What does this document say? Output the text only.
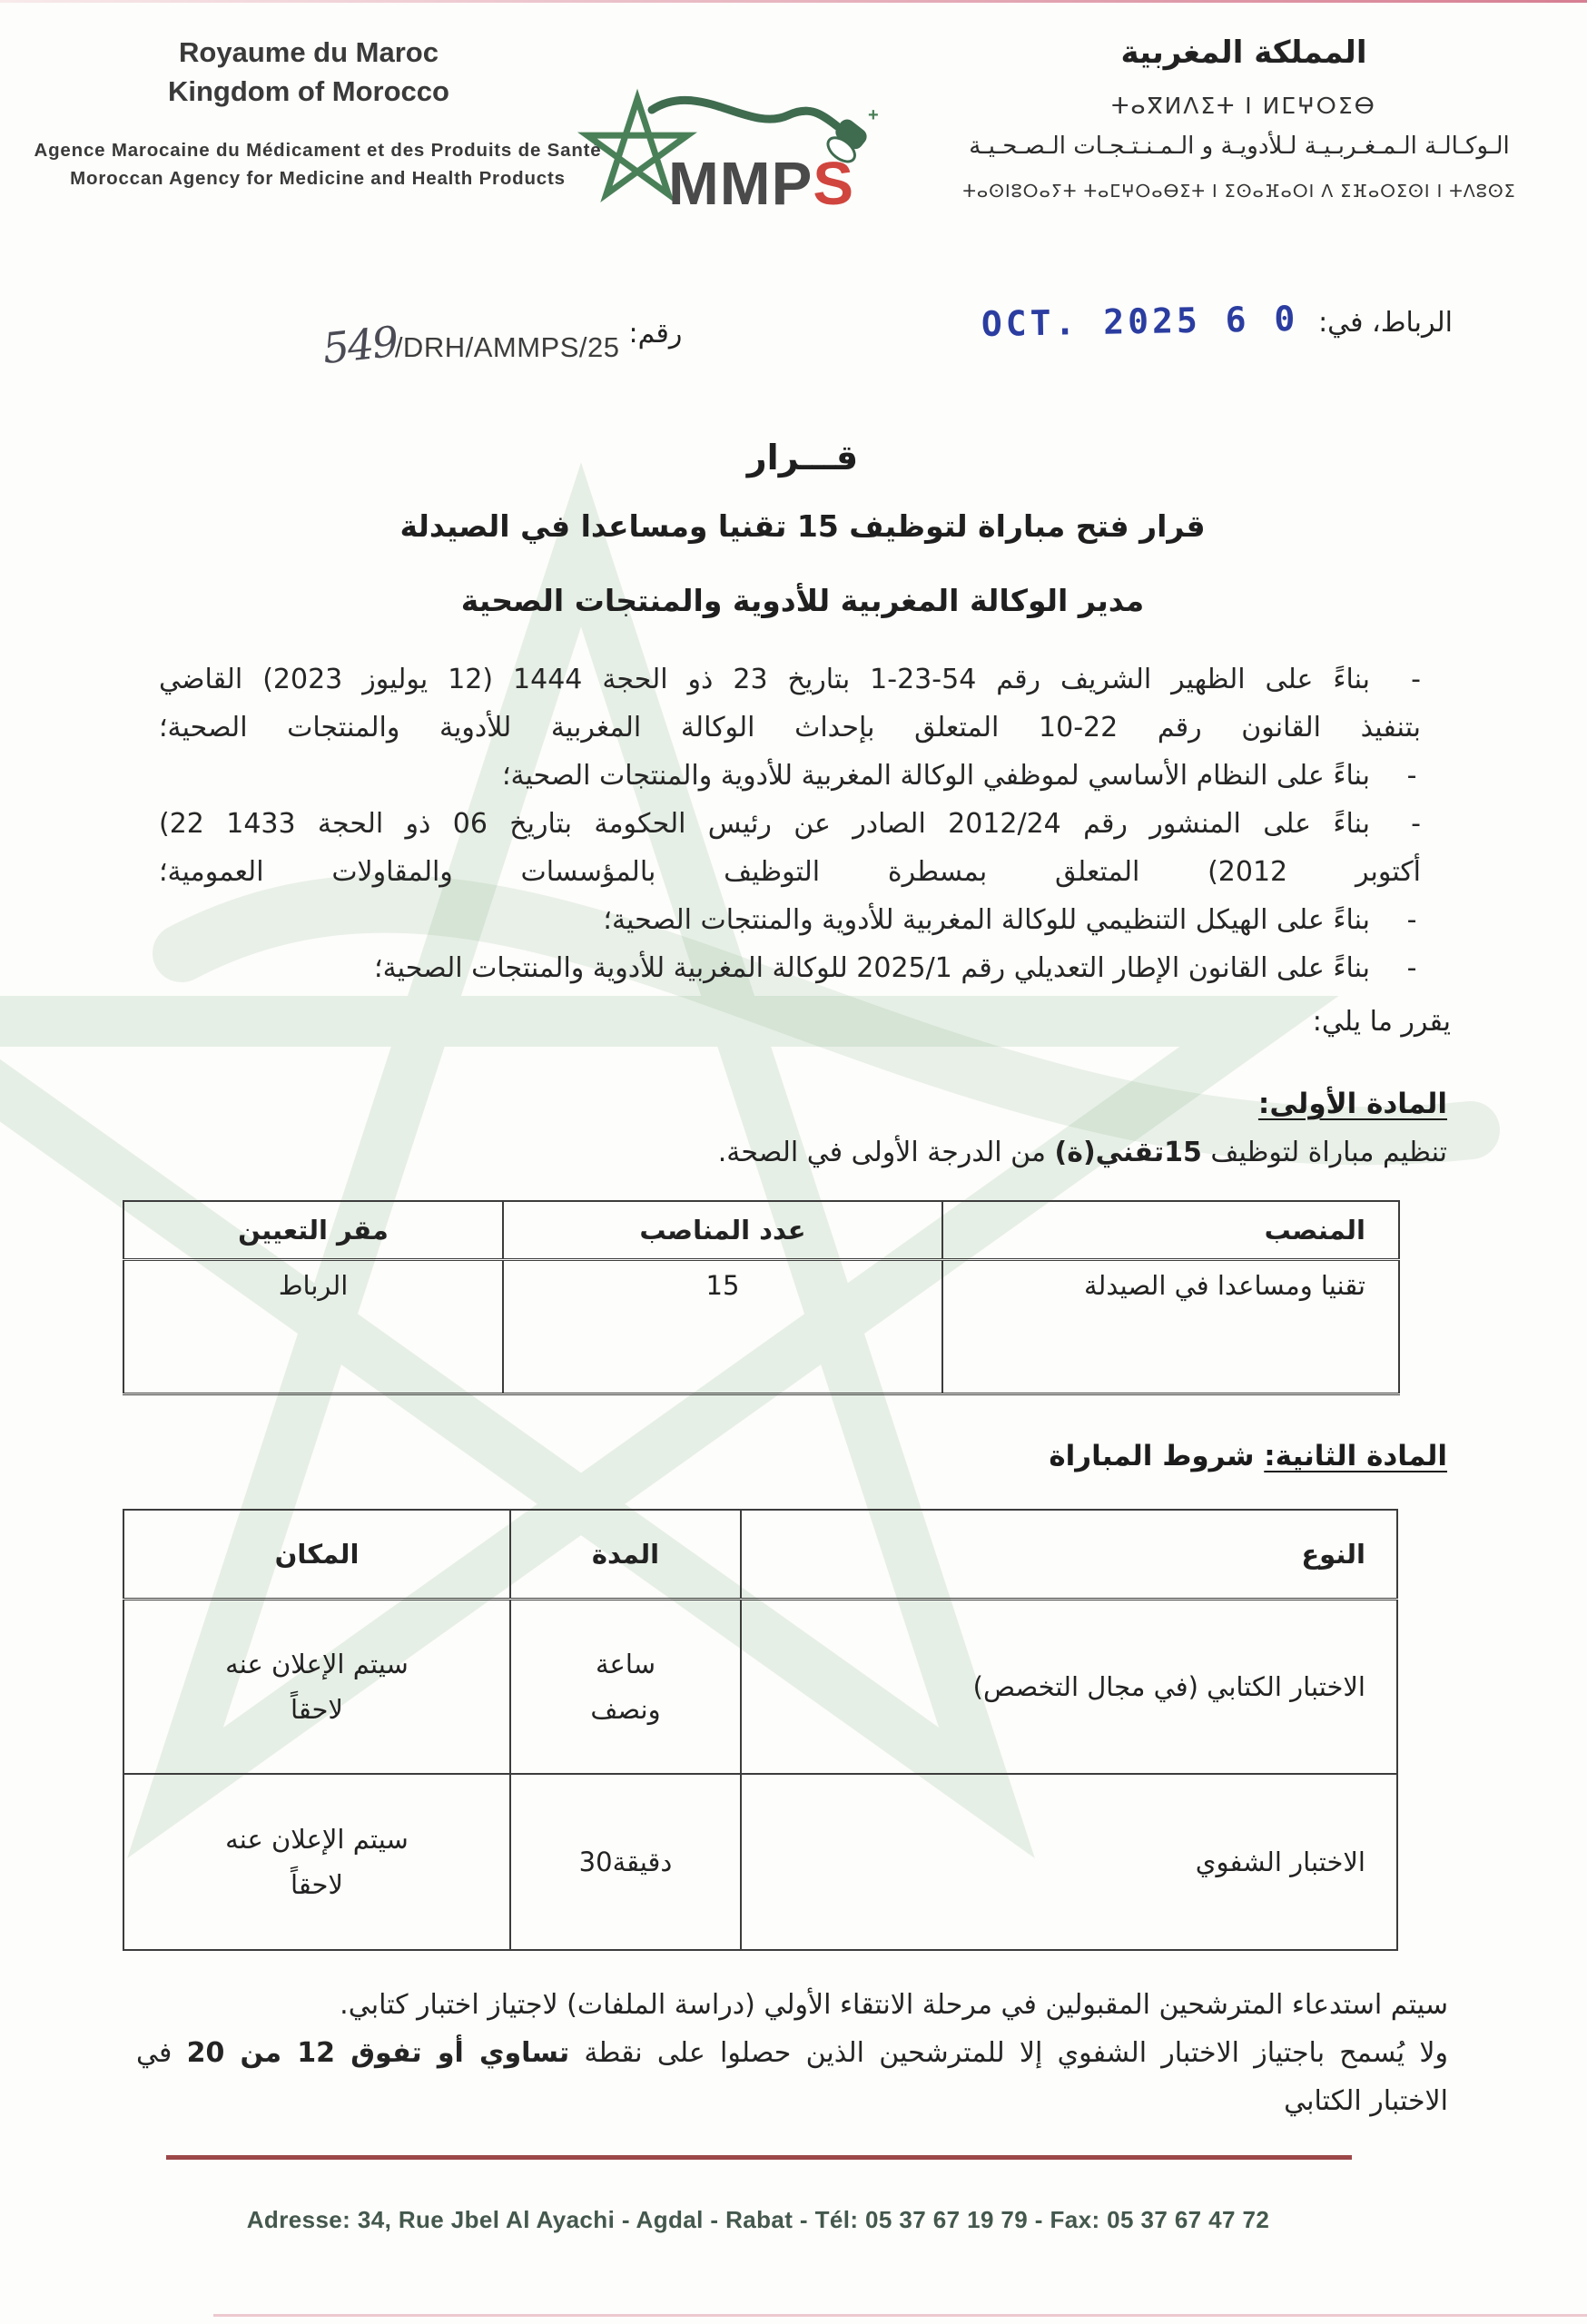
Royaume du Maroc
Kingdom of Morocco
Agence Marocaine du Médicament et des Produits de Santé
Moroccan Agency for Medicine and Health Products
+
MMPS
المملكة المغربية
ⵜⴰⴳⵍⴷⵉⵜ ⵏ ⵍⵎⵖⵔⵉⴱ
الـوكـالـة الـمـغـربـيـة لـلأدويـة و الـمـنـتـجـات الـصـحـيـة
ⵜⴰⵙⵏⵓⵔⴰⵢⵜ ⵜⴰⵎⵖⵔⴰⴱⵉⵜ ⵏ ⵉⵙⴰⴼⴰⵔⵏ ⴷ ⵉⴼⴰⵔⵉⵙⵏ ⵏ ⵜⴷⵓⵙⵉ
الرباط، في:
0 6 OCT. 2025
رقم:
549/DRH/AMMPS/25
قـــرار
قرار فتح مباراة لتوظيف 15 تقنيا ومساعدا في الصيدلة
مدير الوكالة المغربية للأدوية والمنتجات الصحية
-
بناءً على الظهير الشريف رقم 54-23-1 بتاريخ 23 ذو الحجة 1444 (12 يوليوز 2023) القاضي
بتنفيذ القانون رقم 22-10 المتعلق بإحداث الوكالة المغربية للأدوية والمنتجات الصحية؛
-
بناءً على النظام الأساسي لموظفي الوكالة المغربية للأدوية والمنتجات الصحية؛
-
بناءً على المنشور رقم 2012/24 الصادر عن رئيس الحكومة بتاريخ 06 ذو الحجة 1433 (22
أكتوبر 2012) المتعلق بمسطرة التوظيف بالمؤسسات والمقاولات العمومية؛
-
بناءً على الهيكل التنظيمي للوكالة المغربية للأدوية والمنتجات الصحية؛
-
بناءً على القانون الإطار التعديلي رقم 2025/1 للوكالة المغربية للأدوية والمنتجات الصحية؛
يقرر ما يلي:
المادة الأولى:
تنظيم مباراة لتوظيف 15تقني(ة) من الدرجة الأولى في الصحة.
المنصب	عدد المناصب	مقر التعيين
تقنيا ومساعدا في الصيدلة	15	الرباط
المادة الثانية: شروط المباراة
النوع	المدة	المكان
الاختبار الكتابي (في مجال التخصص)	ساعة ونصف	سيتم الإعلان عنه لاحقاً
الاختبار الشفوي	دقيقة30	سيتم الإعلان عنه لاحقاً
سيتم استدعاء المترشحين المقبولين في مرحلة الانتقاء الأولي (دراسة الملفات) لاجتياز اختبار كتابي.
ولا يُسمح باجتياز الاختبار الشفوي إلا للمترشحين الذين حصلوا على نقطة تساوي أو تفوق 12 من 20 في
الاختبار الكتابي
Adresse: 34, Rue Jbel Al Ayachi - Agdal - Rabat - Tél: 05 37 67 19 79 - Fax: 05 37 67 47 72
